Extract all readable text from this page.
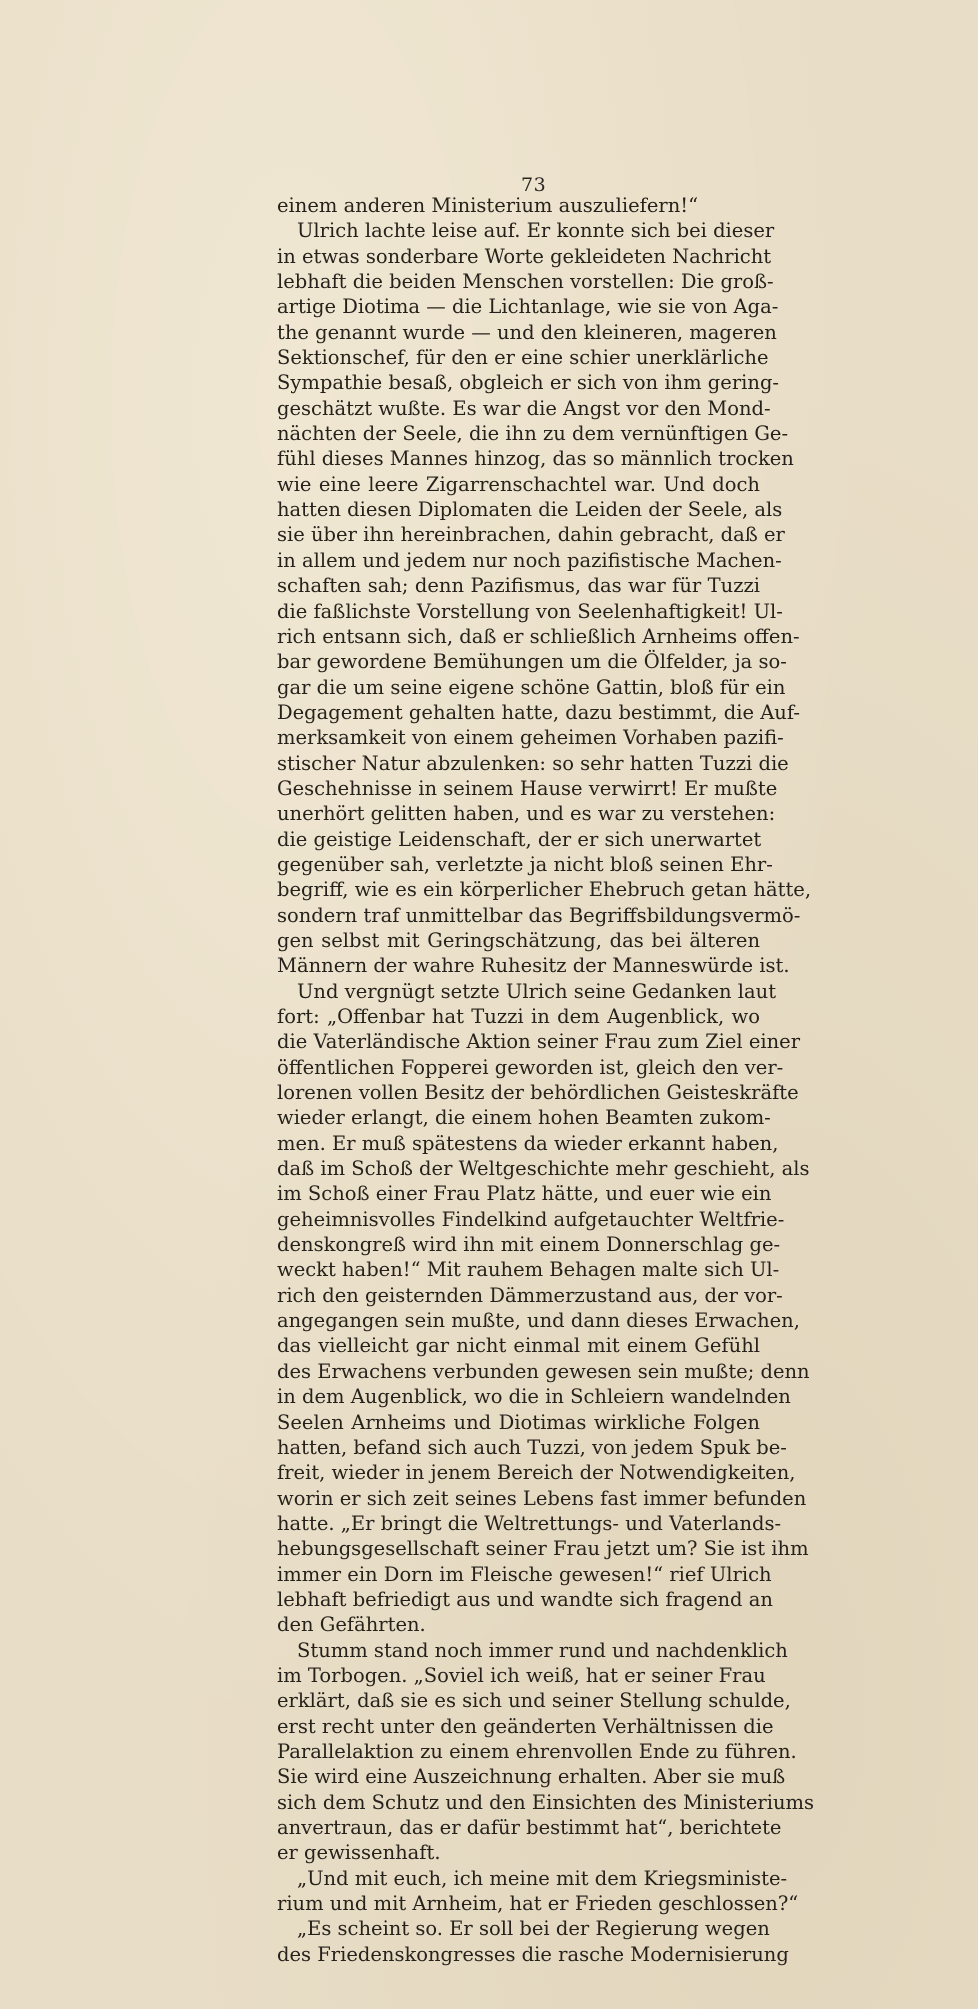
73
einem anderen Ministerium auszuliefern!“
Ulrich lachte leise auf. Er konnte sich bei dieser
in etwas sonderbare Worte gekleideten Nachricht
lebhaft die beiden Menschen vorstellen: Die groß-
artige Diotima — die Lichtanlage, wie sie von Aga-
the genannt wurde — und den kleineren, mageren
Sektionschef, für den er eine schier unerklärliche
Sympathie besaß, obgleich er sich von ihm gering-
geschätzt wußte. Es war die Angst vor den Mond-
nächten der Seele, die ihn zu dem vernünftigen Ge-
fühl dieses Mannes hinzog, das so männlich trocken
wie eine leere Zigarrenschachtel war. Und doch
hatten diesen Diplomaten die Leiden der Seele, als
sie über ihn hereinbrachen, dahin gebracht, daß er
in allem und jedem nur noch pazifistische Machen-
schaften sah; denn Pazifismus, das war für Tuzzi
die faßlichste Vorstellung von Seelenhaftigkeit! Ul-
rich entsann sich, daß er schließlich Arnheims offen-
bar gewordene Bemühungen um die Ölfelder, ja so-
gar die um seine eigene schöne Gattin, bloß für ein
Degagement gehalten hatte, dazu bestimmt, die Auf-
merksamkeit von einem geheimen Vorhaben pazifi-
stischer Natur abzulenken: so sehr hatten Tuzzi die
Geschehnisse in seinem Hause verwirrt! Er mußte
unerhört gelitten haben, und es war zu verstehen:
die geistige Leidenschaft, der er sich unerwartet
gegenüber sah, verletzte ja nicht bloß seinen Ehr-
begriff, wie es ein körperlicher Ehebruch getan hätte,
sondern traf unmittelbar das Begriffsbildungsvermö-
gen selbst mit Geringschätzung, das bei älteren
Männern der wahre Ruhesitz der Manneswürde ist.
Und vergnügt setzte Ulrich seine Gedanken laut
fort: „Offenbar hat Tuzzi in dem Augenblick, wo
die Vaterländische Aktion seiner Frau zum Ziel einer
öffentlichen Fopperei geworden ist, gleich den ver-
lorenen vollen Besitz der behördlichen Geisteskräfte
wieder erlangt, die einem hohen Beamten zukom-
men. Er muß spätestens da wieder erkannt haben,
daß im Schoß der Weltgeschichte mehr geschieht, als
im Schoß einer Frau Platz hätte, und euer wie ein
geheimnisvolles Findelkind aufgetauchter Weltfrie-
denskongreß wird ihn mit einem Donnerschlag ge-
weckt haben!“ Mit rauhem Behagen malte sich Ul-
rich den geisternden Dämmerzustand aus, der vor-
angegangen sein mußte, und dann dieses Erwachen,
das vielleicht gar nicht einmal mit einem Gefühl
des Erwachens verbunden gewesen sein mußte; denn
in dem Augenblick, wo die in Schleiern wandelnden
Seelen Arnheims und Diotimas wirkliche Folgen
hatten, befand sich auch Tuzzi, von jedem Spuk be-
freit, wieder in jenem Bereich der Notwendigkeiten,
worin er sich zeit seines Lebens fast immer befunden
hatte. „Er bringt die Weltrettungs- und Vaterlands-
hebungsgesellschaft seiner Frau jetzt um? Sie ist ihm
immer ein Dorn im Fleische gewesen!“ rief Ulrich
lebhaft befriedigt aus und wandte sich fragend an
den Gefährten.
Stumm stand noch immer rund und nachdenklich
im Torbogen. „Soviel ich weiß, hat er seiner Frau
erklärt, daß sie es sich und seiner Stellung schulde,
erst recht unter den geänderten Verhältnissen die
Parallelaktion zu einem ehrenvollen Ende zu führen.
Sie wird eine Auszeichnung erhalten. Aber sie muß
sich dem Schutz und den Einsichten des Ministeriums
anvertraun, das er dafür bestimmt hat“, berichtete
er gewissenhaft.
„Und mit euch, ich meine mit dem Kriegsministe-
rium und mit Arnheim, hat er Frieden geschlossen?“
„Es scheint so. Er soll bei der Regierung wegen
des Friedenskongresses die rasche Modernisierung
